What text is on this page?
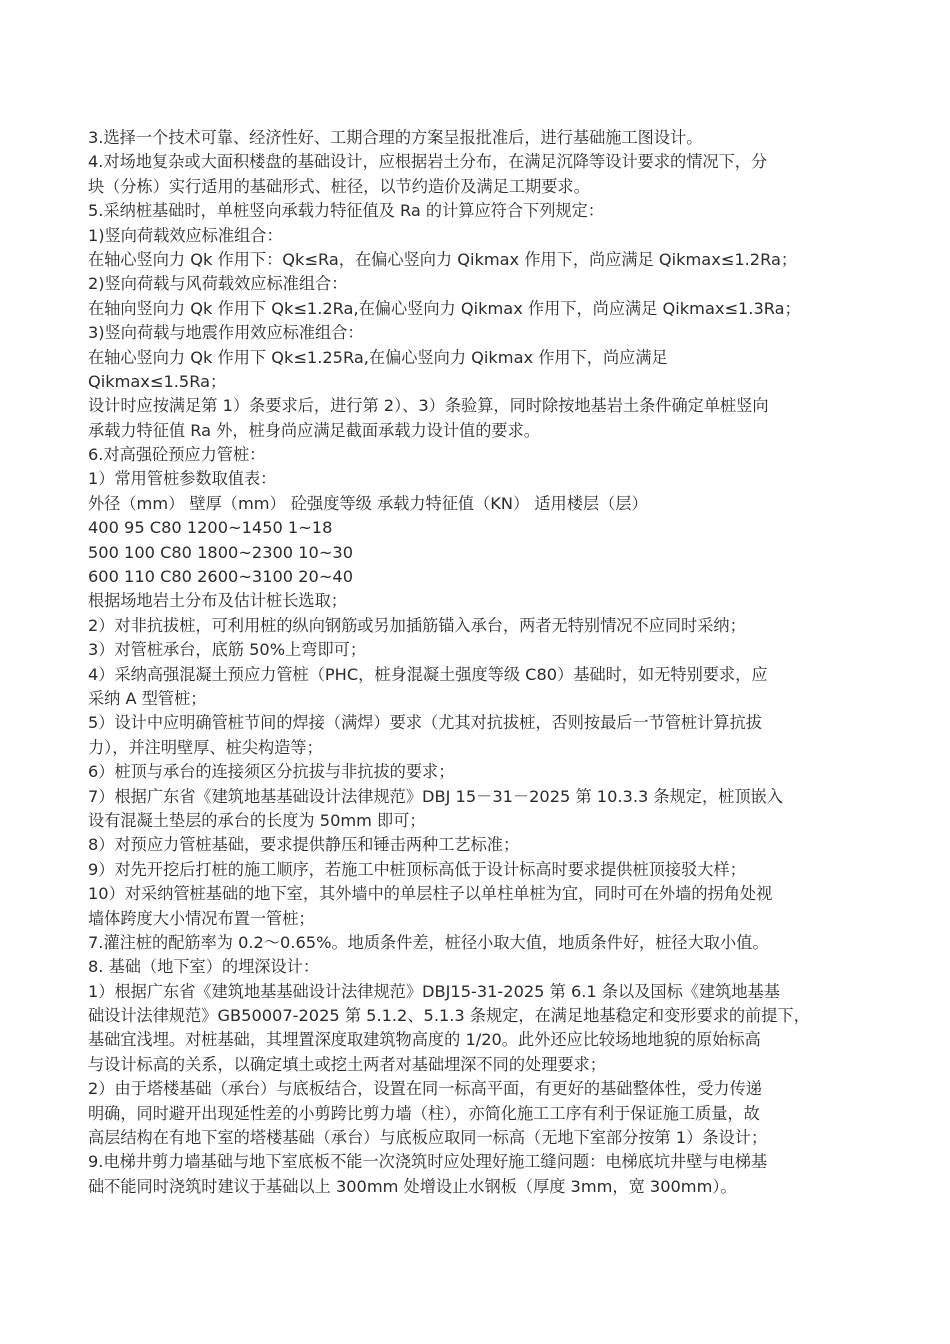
3.选择一个技术可靠、经济性好、工期合理的方案呈报批准后，进行基础施工图设计。
4.对场地复杂或大面积楼盘的基础设计，应根据岩土分布，在满足沉降等设计要求的情况下，分
块（分栋）实行适用的基础形式、桩径，以节约造价及满足工期要求。
5.采纳桩基础时，单桩竖向承载力特征值及 Ra 的计算应符合下列规定：
1)竖向荷载效应标准组合：
在轴心竖向力 Qk 作用下：Qk≤Ra，在偏心竖向力 Qikmax 作用下，尚应满足 Qikmax≤1.2Ra；
2)竖向荷载与风荷载效应标准组合：
在轴向竖向力 Qk 作用下 Qk≤1.2Ra,在偏心竖向力 Qikmax 作用下，尚应满足 Qikmax≤1.3Ra；
3)竖向荷载与地震作用效应标准组合：
在轴心竖向力 Qk 作用下 Qk≤1.25Ra,在偏心竖向力 Qikmax 作用下，尚应满足
Qikmax≤1.5Ra；
设计时应按满足第 1）条要求后，进行第 2）、3）条验算，同时除按地基岩土条件确定单桩竖向
承载力特征值 Ra 外，桩身尚应满足截面承载力设计值的要求。
6.对高强砼预应力管桩：
1）常用管桩参数取值表：
外径（mm） 壁厚（mm） 砼强度等级 承载力特征值（KN） 适用楼层（层）
400 95 C80 1200~1450 1~18
500 100 C80 1800~2300 10~30
600 110 C80 2600~3100 20~40
根据场地岩土分布及估计桩长选取；
2）对非抗拔桩，可利用桩的纵向钢筋或另加插筋锚入承台，两者无特别情况不应同时采纳；
3）对管桩承台，底筋 50%上弯即可；
4）采纳高强混凝土预应力管桩（PHC，桩身混凝土强度等级 C80）基础时，如无特别要求，应
采纳 A 型管桩；
5）设计中应明确管桩节间的焊接（满焊）要求（尤其对抗拔桩，否则按最后一节管桩计算抗拔
力），并注明壁厚、桩尖构造等；
6）桩顶与承台的连接须区分抗拔与非抗拔的要求；
7）根据广东省《建筑地基基础设计法律规范》DBJ 15－31－2025 第 10.3.3 条规定，桩顶嵌入
设有混凝土垫层的承台的长度为 50mm 即可；
8）对预应力管桩基础，要求提供静压和锤击两种工艺标准；
9）对先开挖后打桩的施工顺序，若施工中桩顶标高低于设计标高时要求提供桩顶接驳大样；
10）对采纳管桩基础的地下室，其外墙中的单层柱子以单柱单桩为宜，同时可在外墙的拐角处视
墙体跨度大小情况布置一管桩；
7.灌注桩的配筋率为 0.2～0.65%。地质条件差，桩径小取大值，地质条件好，桩径大取小值。
8. 基础（地下室）的埋深设计：
1）根据广东省《建筑地基基础设计法律规范》DBJ15-31-2025 第 6.1 条以及国标《建筑地基基
础设计法律规范》GB50007-2025 第 5.1.2、5.1.3 条规定，在满足地基稳定和变形要求的前提下，
基础宜浅埋。对桩基础，其埋置深度取建筑物高度的 1/20。此外还应比较场地地貌的原始标高
与设计标高的关系，以确定填土或挖土两者对基础埋深不同的处理要求；
2）由于塔楼基础（承台）与底板结合，设置在同一标高平面，有更好的基础整体性，受力传递
明确，同时避开出现延性差的小剪跨比剪力墙（柱），亦简化施工工序有利于保证施工质量，故
高层结构在有地下室的塔楼基础（承台）与底板应取同一标高（无地下室部分按第 1）条设计；
9.电梯井剪力墙基础与地下室底板不能一次浇筑时应处理好施工缝问题：电梯底坑井壁与电梯基
础不能同时浇筑时建议于基础以上 300mm 处增设止水钢板（厚度 3mm，宽 300mm）。
